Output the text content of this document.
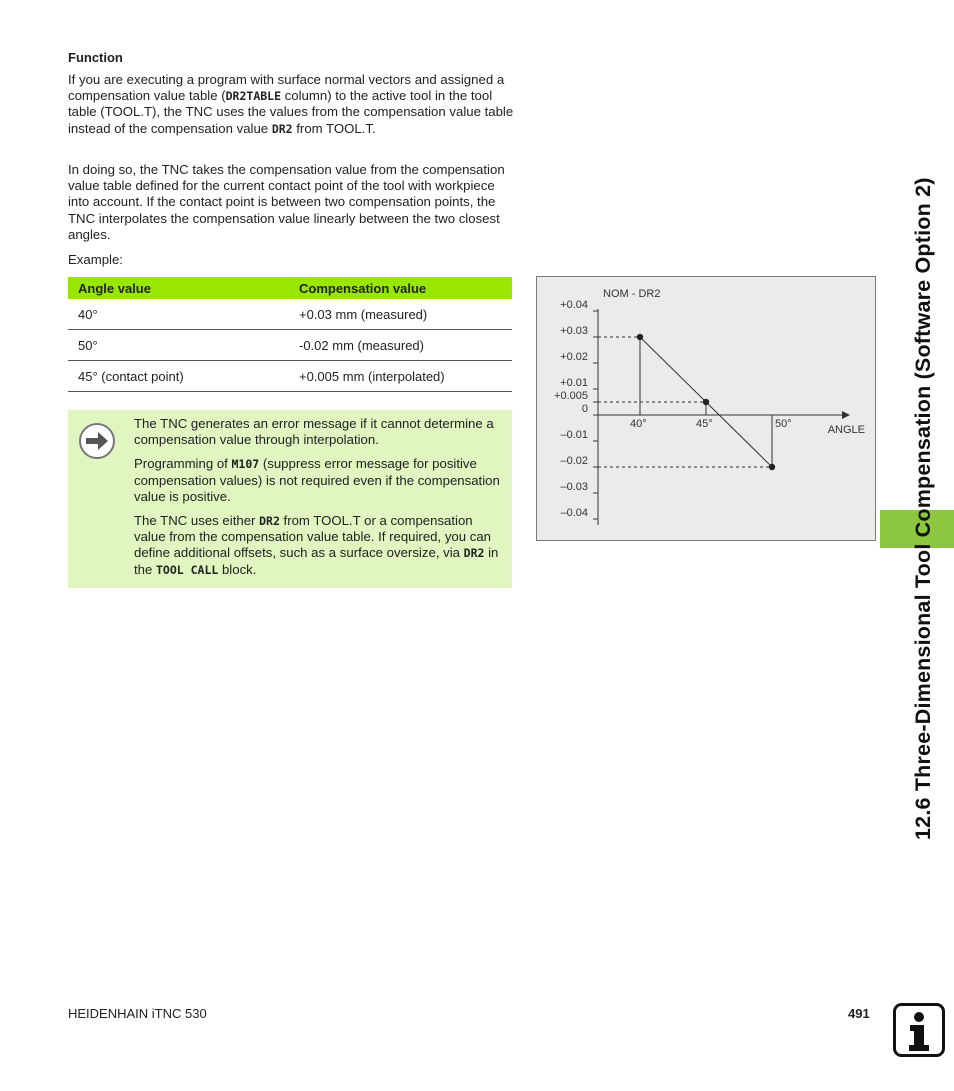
Function

If you are executing a program with surface normal vectors and assigned a compensation value table (DR2TABLE column) to the active tool in the tool table (TOOL.T), the TNC uses the values from the compensation value table instead of the compensation value DR2 from TOOL.T.

In doing so, the TNC takes the compensation value from the compensation value table defined for the current contact point of the tool with workpiece into account. If the contact point is between two compensation points, the TNC interpolates the compensation value linearly between the two closest angles.

Example:

Angle value	Compensation value
40°	+0.03 mm (measured)
50°	-0.02 mm (measured)
45° (contact point)	+0.005 mm (interpolated)

The TNC generates an error message if it cannot determine a compensation value through interpolation.

Programming of M107 (suppress error message for positive compensation values) is not required even if the compensation value is positive.

The TNC uses either DR2 from TOOL.T or a compensation value from the compensation value table. If required, you can define additional offsets, such as a surface oversize, via DR2 in the TOOL CALL block.

+0.04
+0.03
+0.02
+0.01
+0.005
0
–0.01
–0.02
–0.03
–0.04
NOM - DR2
ANGLE
40°	45°	50°	12.6 Three-Dimensional Tool Compensation (Software Option 2)
HEIDENHAIN iTNC 530	491
